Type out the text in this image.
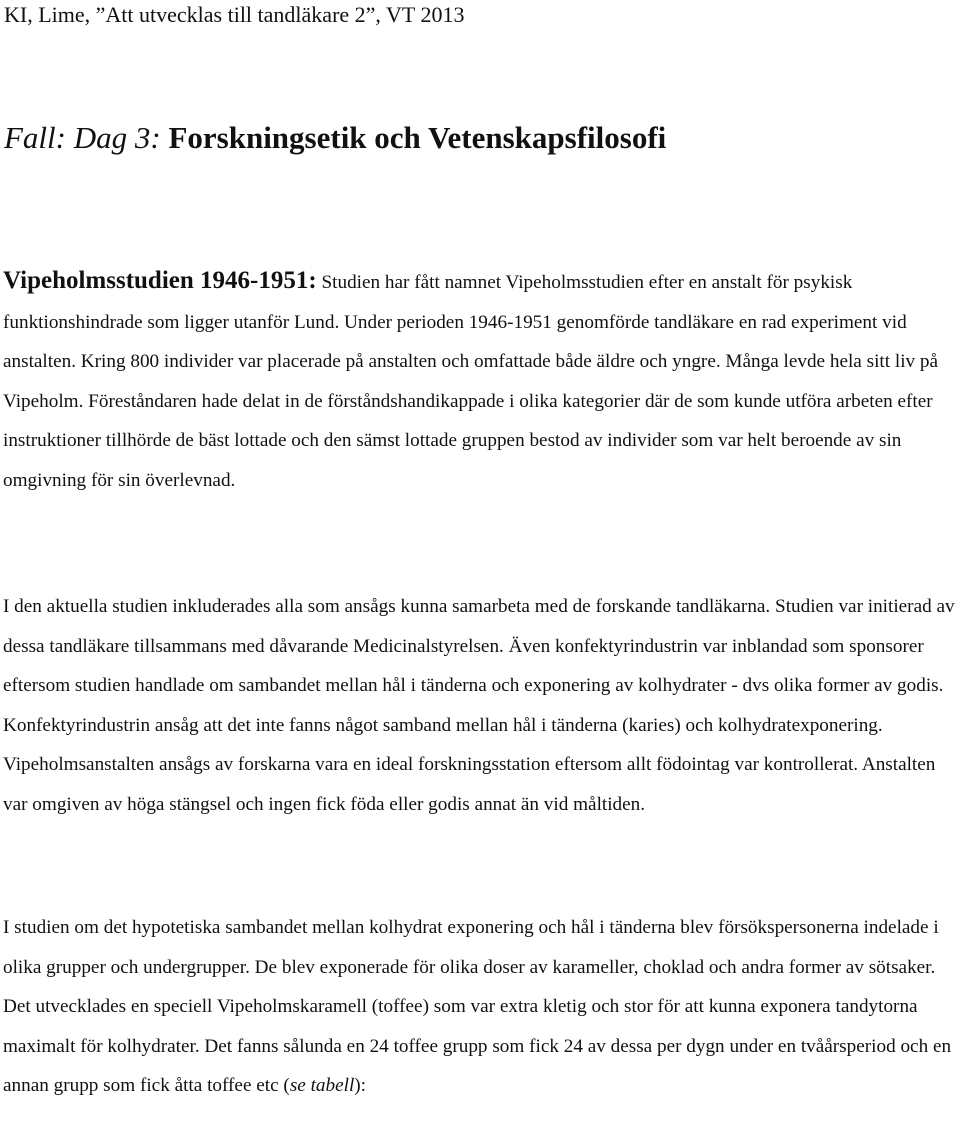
KI, Lime, ”Att utvecklas till tandläkare 2”, VT 2013
Fall: Dag 3: Forskningsetik och Vetenskapsfilosofi

Vipeholmsstudien 1946-1951: Studien har fått namnet Vipeholmsstudien efter en anstalt för psykisk funktionshindrade som ligger utanför Lund. Under perioden 1946-1951 genomförde tandläkare en rad experiment vid anstalten. Kring 800 individer var placerade på anstalten och omfattade både äldre och yngre. Många levde hela sitt liv på Vipeholm. Föreståndaren hade delat in de förståndshandikappade i olika kategorier där de som kunde utföra arbeten efter instruktioner tillhörde de bäst lottade och den sämst lottade gruppen bestod av individer som var helt beroende av sin omgivning för sin överlevnad.

I den aktuella studien inkluderades alla som ansågs kunna samarbeta med de forskande tandläkarna. Studien var initierad av dessa tandläkare tillsammans med dåvarande Medicinalstyrelsen. Även konfektyrindustrin var inblandad som sponsorer eftersom studien handlade om sambandet mellan hål i tänderna och exponering av kolhydrater - dvs olika former av godis. Konfektyrindustrin ansåg att det inte fanns något samband mellan hål i tänderna (karies) och kolhydratexponering. Vipeholmsanstalten ansågs av forskarna vara en ideal forskningsstation eftersom allt födointag var kontrollerat. Anstalten var omgiven av höga stängsel och ingen fick föda eller godis annat än vid måltiden.

I studien om det hypotetiska sambandet mellan kolhydrat exponering och hål i tänderna blev försökspersonerna indelade i olika grupper och undergrupper. De blev exponerade för olika doser av karameller, choklad och andra former av sötsaker. Det utvecklades en speciell Vipeholmskaramell (toffee) som var extra kletig och stor för att kunna exponera tandytorna maximalt för kolhydrater. Det fanns sålunda en 24 toffee grupp som fick 24 av dessa per dygn under en tvåårsperiod och en annan grupp som fick åtta toffee etc (se tabell):
